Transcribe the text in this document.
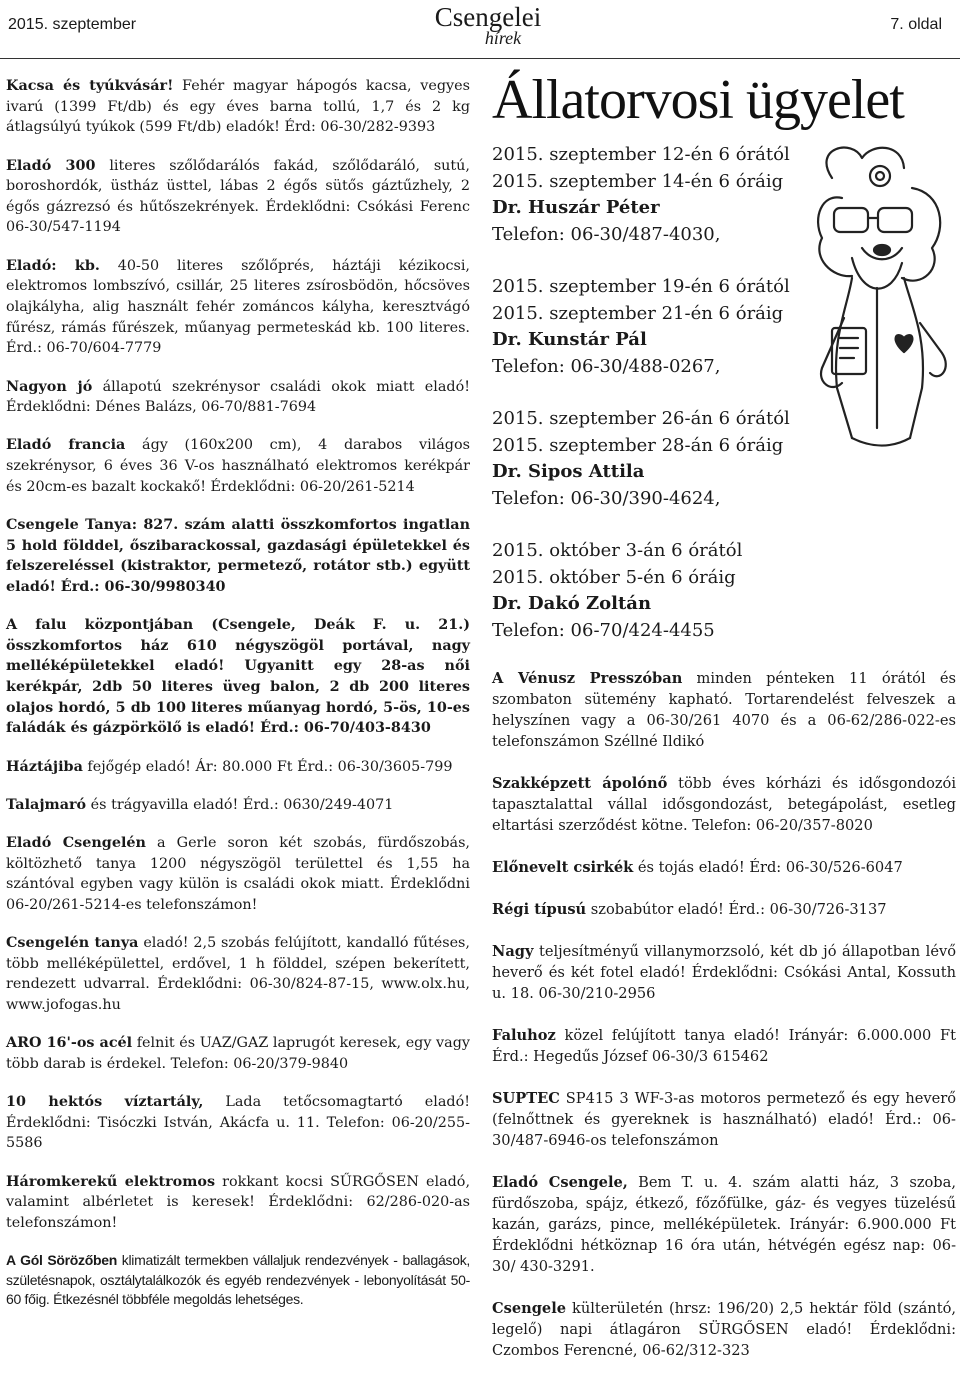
2015. szeptember	Csengelei
hírek
7. oldal

Kacsa és tyúkvásár! Fehér magyar hápogós kacsa, vegyes ivarú (1399 Ft/db) és egy éves barna tollú, 1,7 és 2 kg átlagsúlyú tyúkok (599 Ft/db) eladók! Érd: 06-30/282-9393

Eladó 300 literes szőlődarálós fakád, szőlődaráló, sutú, boroshordók, üstház üsttel, lábas 2 égős sütős gáztűzhely, 2 égős gázrezsó és hűtőszekrények. Érdeklődni: Csókási Ferenc 06-30/547-1194

Eladó: kb. 40-50 literes szőlőprés, háztáji kézikocsi, elektromos lombszívó, csillár, 25 literes zsírosbödön, hőcsöves olajkályha, alig használt fehér zománcos kályha, keresztvágó fűrész, rámás fűrészek, műanyag permeteskád kb. 100 literes. Érd.: 06-70/604-7779

Nagyon jó állapotú szekrénysor családi okok miatt eladó! Érdeklődni: Dénes Balázs, 06-70/881-7694

Eladó francia ágy (160x200 cm), 4 darabos világos szekrénysor, 6 éves 36 V-os használható elektromos kerékpár és 20cm-es bazalt kockakő! Érdeklődni: 06-20/261-5214

Csengele Tanya: 827. szám alatti összkomfortos ingatlan 5 hold földdel, őszibarackossal, gazdasági épületekkel és felszereléssel (kistraktor, permetező, rotátor stb.) együtt eladó! Érd.: 06-30/9980340

A falu központjában (Csengele, Deák F. u. 21.) összkomfortos ház 610 négyszögöl portával, nagy melléképületekkel eladó! Ugyanitt egy 28-as női kerékpár, 2db 50 literes üveg balon, 2 db 200 literes olajos hordó, 5 db 100 literes műanyag hordó, 5-ös, 10-es faládák és gázpörkölő is eladó! Érd.: 06-70/403-8430

Háztájiba fejőgép eladó! Ár: 80.000 Ft Érd.: 06-30/3605-799

Talajmaró és trágyavilla eladó! Érd.: 0630/249-4071

Eladó Csengelén a Gerle soron két szobás, fürdőszobás, költözhető tanya 1200 négyszögöl területtel és 1,55 ha szántóval egyben vagy külön is családi okok miatt. Érdeklődni 06-20/261-5214-es telefonszámon!

Csengelén tanya eladó! 2,5 szobás felújított, kandalló fűtéses, több melléképülettel, erdővel, 1 h földdel, szépen bekerített, rendezett udvarral. Érdeklődni: 06-30/824-87-15, www.olx.hu, www.jofogas.hu

ARO 16'-os acél felnit és UAZ/GAZ laprugót keresek, egy vagy több darab is érdekel. Telefon: 06-20/379-9840

10 hektós víztartály, Lada tetőcsomagtartó eladó! Érdeklődni: Tisóczki István, Akácfa u. 11. Telefon: 06-20/255-5586

Háromkerekű elektromos rokkant kocsi SŰRGŐSEN eladó, valamint albérletet is keresek! Érdeklődni: 62/286-020-as telefonszámon!

A Gól Sörözőben klimatizált termekben vállaljuk rendezvények - ballagások, születésnapok, osztálytalálkozók és egyéb rendezvények - lebonyolítását 50-60 főig. Étkezésnél többféle megoldás lehetséges.

Állatorvosi ügyelet
2015. szeptember 12-én 6 órától
2015. szeptember 14-én 6 óráig
Dr. Huszár Péter
Telefon: 06-30/487-4030,
2015. szeptember 19-én 6 órától
2015. szeptember 21-én 6 óráig
Dr. Kunstár Pál
Telefon: 06-30/488-0267,
2015. szeptember 26-án 6 órától
2015. szeptember 28-án 6 óráig
Dr. Sipos Attila
Telefon: 06-30/390-4624,
2015. október 3-án 6 órától
2015. október 5-én 6 óráig
Dr. Dakó Zoltán
Telefon: 06-70/424-4455

A Vénusz Presszóban minden pénteken 11 órától és szombaton sütemény kapható. Tortarendelést felveszek a helyszínen vagy a 06-30/261 4070 és a 06-62/286-022-es telefonszámon Széllné Ildikó

Szakképzett ápolónő több éves kórházi és idősgondozói tapasztalattal vállal idősgondozást, betegápolást, esetleg eltartási szerződést kötne. Telefon: 06-20/357-8020

Előnevelt csirkék és tojás eladó! Érd: 06-30/526-6047

Régi típusú szobabútor eladó! Érd.: 06-30/726-3137

Nagy teljesítményű villanymorzsoló, két db jó állapotban lévő heverő és két fotel eladó! Érdeklődni: Csókási Antal, Kossuth u. 18. 06-30/210-2956

Faluhoz közel felújított tanya eladó! Irányár: 6.000.000 Ft Érd.: Hegedűs József 06-30/3 615462

SUPTEC SP415 3 WF-3-as motoros permetező és egy heverő (felnőttnek és gyereknek is használható) eladó! Érd.: 06-30/487-6946-os telefonszámon

Eladó Csengele, Bem T. u. 4. szám alatti ház, 3 szoba, fürdőszoba, spájz, étkező, főzőfülke, gáz- és vegyes tüzelésű kazán, garázs, pince, melléképületek. Irányár: 6.900.000 Ft Érdeklődni hétköznap 16 óra után, hétvégén egész nap: 06-30/ 430-3291.

Csengele külterületén (hrsz: 196/20) 2,5 hektár föld (szántó, legelő) napi átlagáron SÜRGŐSEN eladó! Érdeklődni: Czombos Ferencné, 06-62/312-323
